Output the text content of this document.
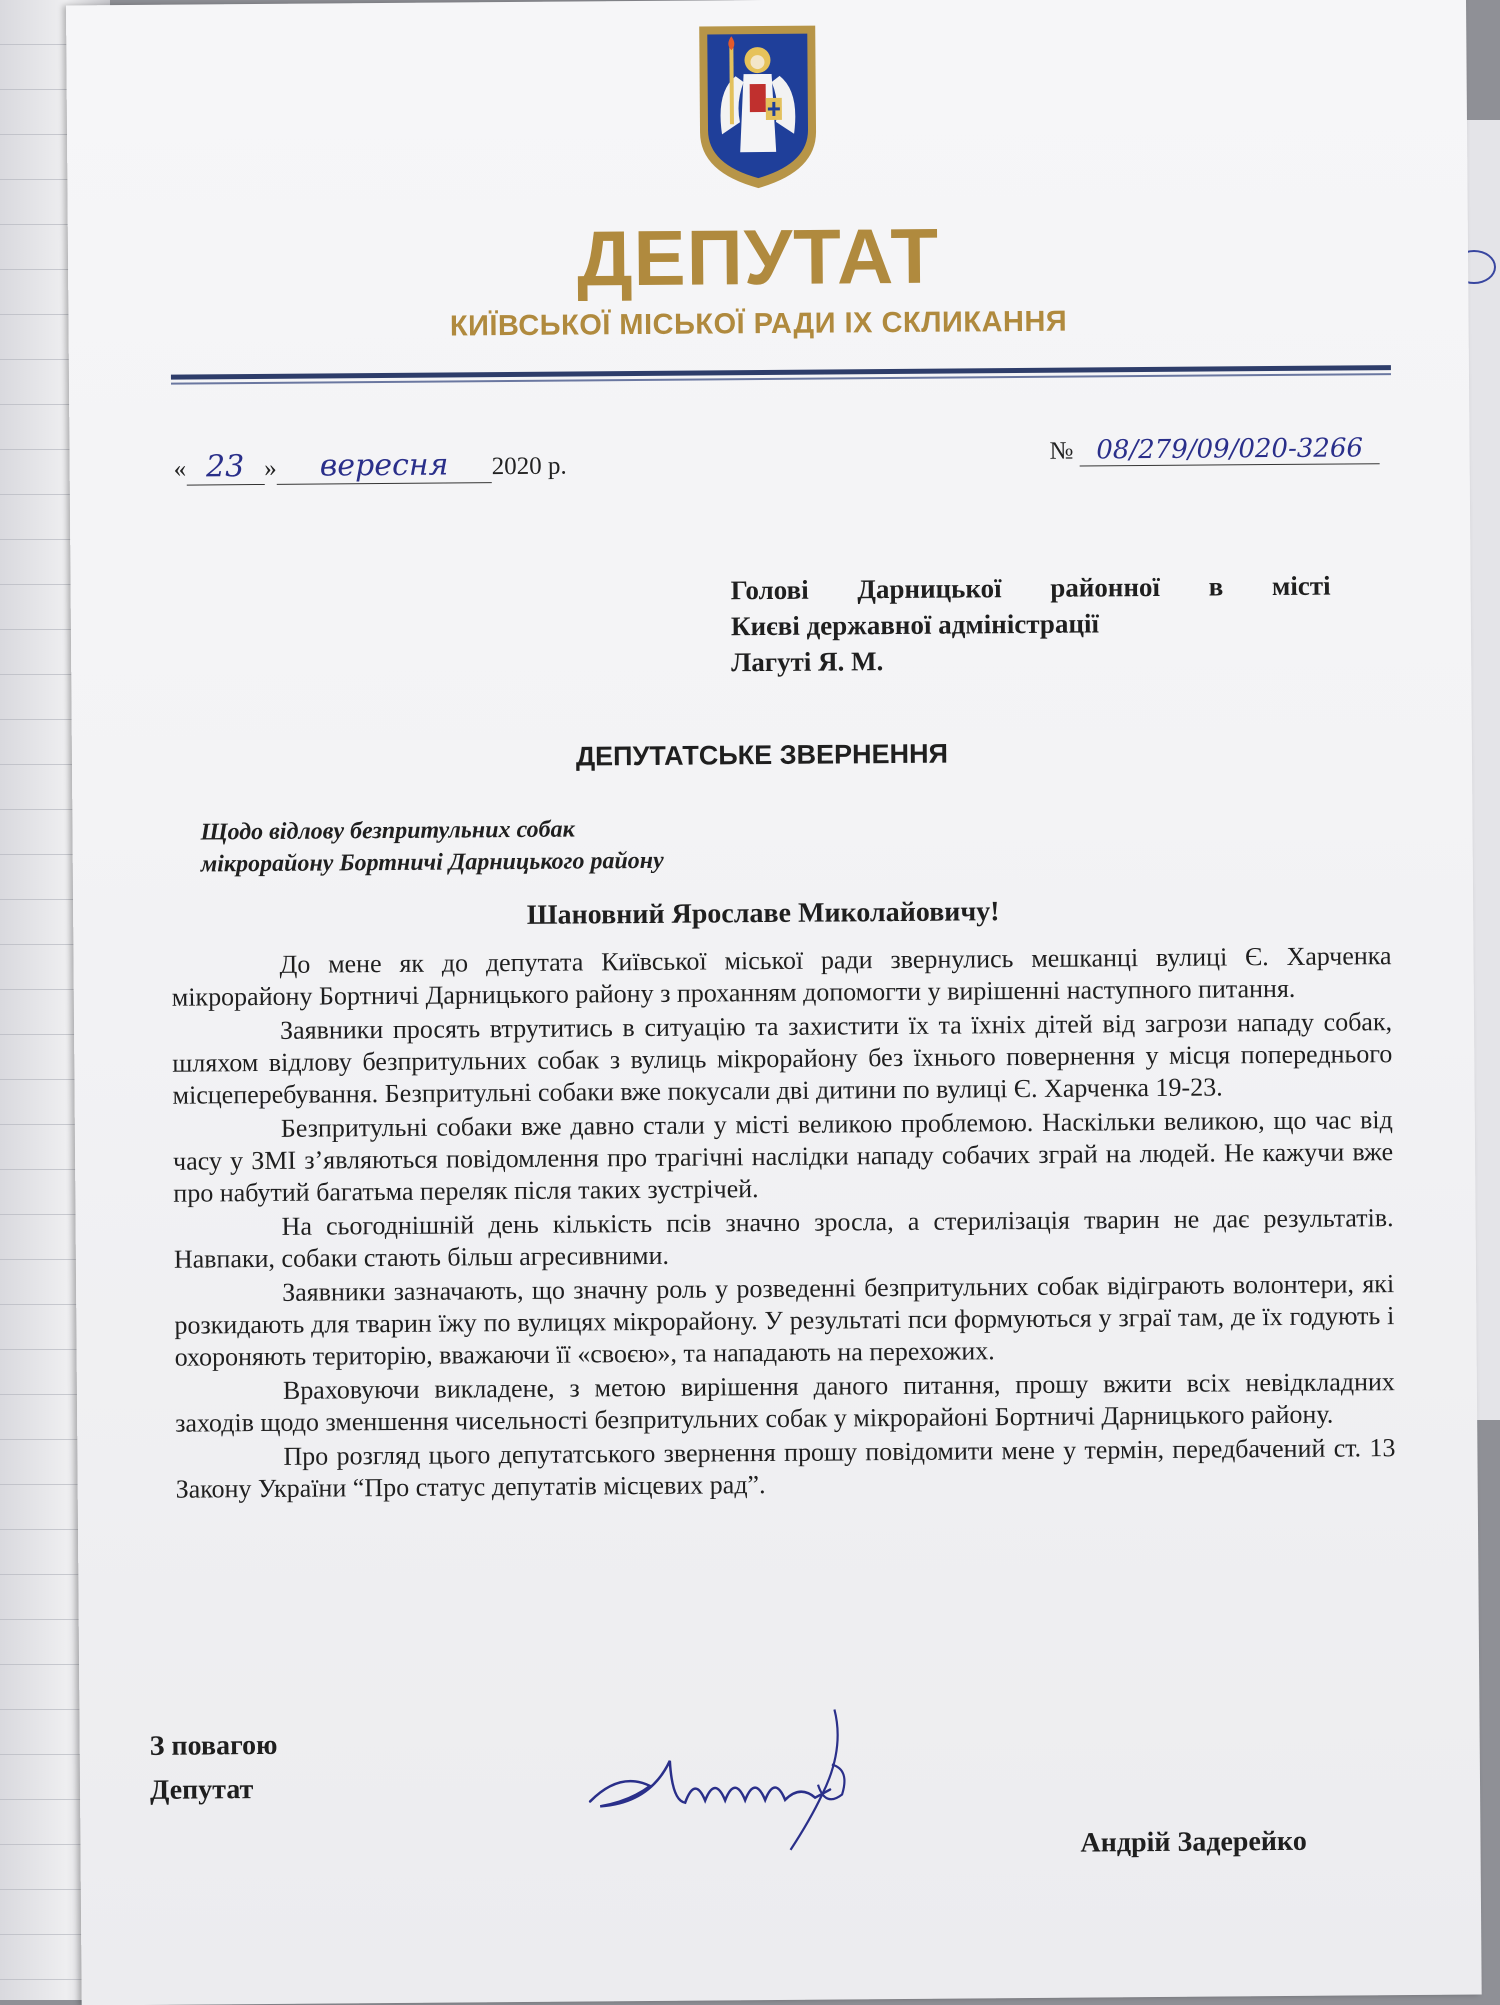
ДЕПУТАТ
КИЇВСЬКОЇ МІСЬКОЇ РАДИ IX СКЛИКАННЯ
« 23 » вересня 2020 р.
№ 08/279/09/020-3266
Голові Дарницької районної в місті
Києві державної адміністрації
Лагуті Я. М.
ДЕПУТАТСЬКЕ ЗВЕРНЕННЯ
Щодо відлову безпритульних собак
мікрорайону Бортничі Дарницького району
Шановний Ярославе Миколайовичу!

До мене як до депутата Київської міської ради звернулись мешканці вулиці Є. Харченка мікрорайону Бортничі Дарницького району з проханням допомогти у вирішенні наступного питання.

Заявники просять втрутитись в ситуацію та захистити їх та їхніх дітей від загрози нападу собак, шляхом відлову безпритульних собак з вулиць мікрорайону без їхнього повернення у місця попереднього місцеперебування. Безпритульні собаки вже покусали дві дитини по вулиці Є. Харченка 19-23.

Безпритульні собаки вже давно стали у місті великою проблемою. Наскільки великою, що час від часу у ЗМІ з’являються повідомлення про трагічні наслідки нападу собачих зграй на людей. Не кажучи вже про набутий багатьма переляк після таких зустрічей.

На сьогоднішній день кількість псів значно зросла, а стерилізація тварин не дає результатів. Навпаки, собаки стають більш агресивними.

Заявники зазначають, що значну роль у розведенні безпритульних собак відіграють волонтери, які розкидають для тварин їжу по вулицях мікрорайону. У результаті пси формуються у зграї там, де їх годують і охороняють територію, вважаючи її «своєю», та нападають на перехожих.

Враховуючи викладене, з метою вирішення даного питання, прошу вжити всіх невідкладних заходів щодо зменшення чисельності безпритульних собак у мікрорайоні Бортничі Дарницького району.

Про розгляд цього депутатського звернення прошу повідомити мене у термін, передбачений ст. 13 Закону України “Про статус депутатів місцевих рад”.

З повагою
Депутат
Андрій Задерейко
